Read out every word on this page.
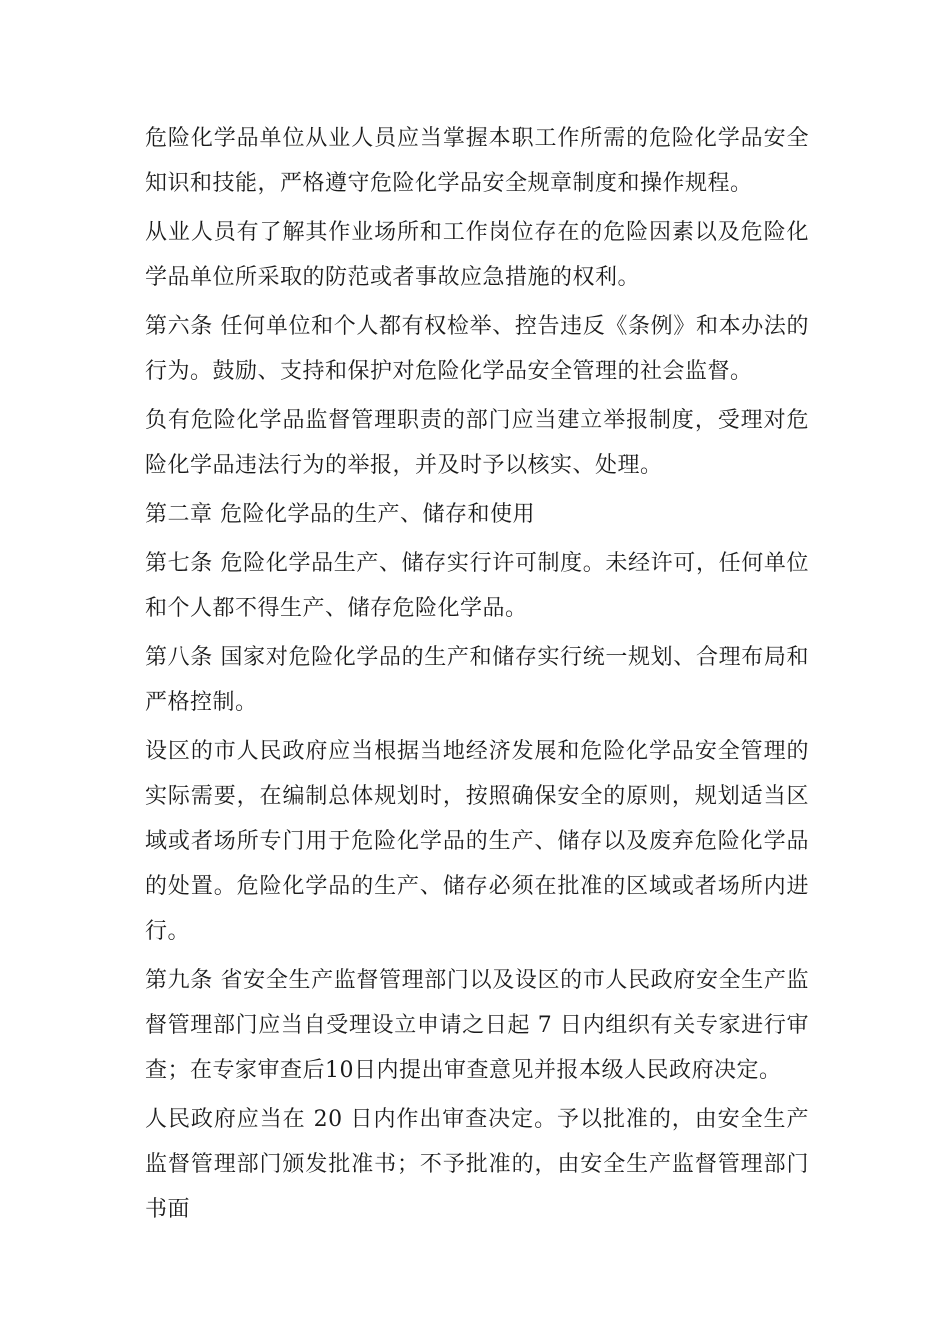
危险化学品单位从业人员应当掌握本职工作所需的危险化学品安全知识和技能，严格遵守危险化学品安全规章制度和操作规程。

从业人员有了解其作业场所和工作岗位存在的危险因素以及危险化学品单位所采取的防范或者事故应急措施的权利。

第六条 任何单位和个人都有权检举、控告违反《条例》和本办法的行为。鼓励、支持和保护对危险化学品安全管理的社会监督。

负有危险化学品监督管理职责的部门应当建立举报制度，受理对危险化学品违法行为的举报，并及时予以核实、处理。

第二章 危险化学品的生产、储存和使用

第七条 危险化学品生产、储存实行许可制度。未经许可，任何单位和个人都不得生产、储存危险化学品。

第八条 国家对危险化学品的生产和储存实行统一规划、合理布局和严格控制。

设区的市人民政府应当根据当地经济发展和危险化学品安全管理的实际需要，在编制总体规划时，按照确保安全的原则，规划适当区域或者场所专门用于危险化学品的生产、储存以及废弃危险化学品的处置。危险化学品的生产、储存必须在批准的区域或者场所内进行。

第九条 省安全生产监督管理部门以及设区的市人民政府安全生产监督管理部门应当自受理设立申请之日起 7 日内组织有关专家进行审查；在专家审查后10日内提出审查意见并报本级人民政府决定。

人民政府应当在 20 日内作出审查决定。予以批准的，由安全生产监督管理部门颁发批准书；不予批准的，由安全生产监督管理部门书面
